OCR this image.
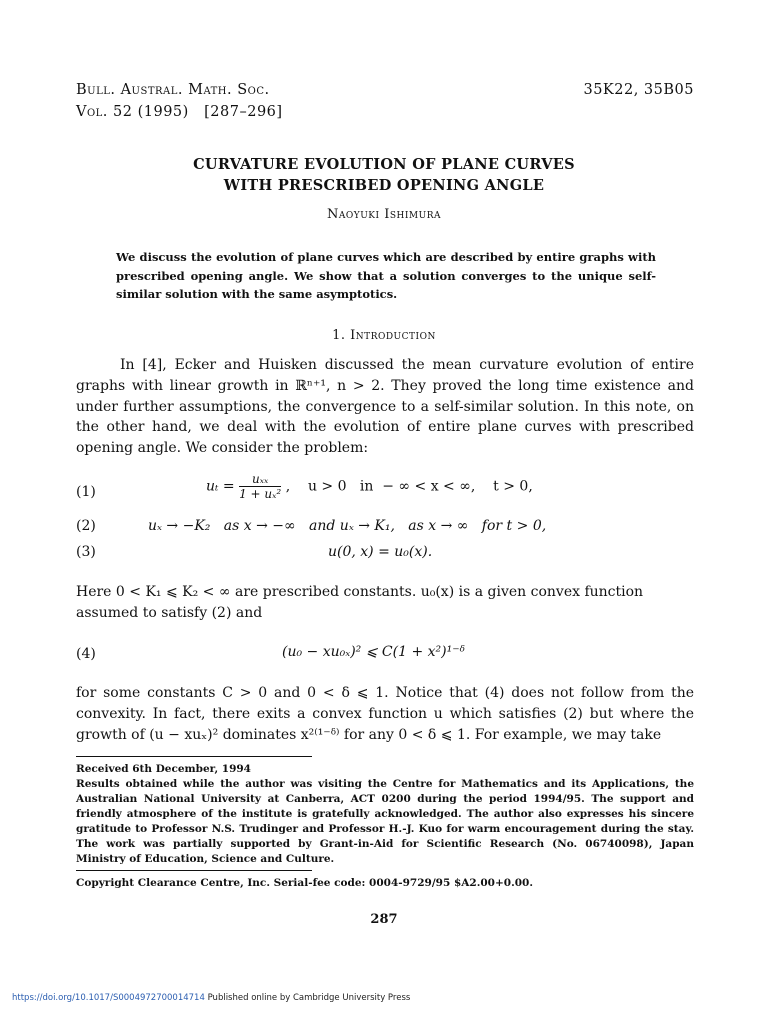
Bull. Austral. Math. Soc.
Vol. 52 (1995)   [287–296]
35K22, 35B05
CURVATURE EVOLUTION OF PLANE CURVES
WITH PRESCRIBED OPENING ANGLE
Naoyuki Ishimura
We discuss the evolution of plane curves which are described by entire graphs with prescribed opening angle. We show that a solution converges to the unique self-similar solution with the same asymptotics.
1. Introduction
In [4], Ecker and Huisken discussed the mean curvature evolution of entire graphs with linear growth in ℝⁿ⁺¹, n > 2. They proved the long time existence and under further assumptions, the convergence to a self-similar solution. In this note, on the other hand, we deal with the evolution of entire plane curves with prescribed opening angle. We consider the problem:
(1)	$u_t = \frac{\text{uₓₓ}}{\text{1 + uₓ²}}$ ,    u > 0   in  − ∞ < x < ∞,    t > 0,
(2)	uₓ → −K₂   as x → −∞   and uₓ → K₁,   as x → ∞   for t > 0,
(3)	u(0, x) = u₀(x).

Here 0 < K₁ ⩽ K₂ < ∞ are prescribed constants. u₀(x) is a given convex function

assumed to satisfy (2) and

(4)	(u₀ − xu₀ₓ)² ⩽ C(1 + x²)¹⁻ᵟ
for some constants C > 0 and 0 < δ ⩽ 1. Notice that (4) does not follow from the convexity. In fact, there exits a convex function u which satisfies (2) but where the growth of (u − xuₓ)² dominates x²⁽¹⁻ᵟ⁾ for any 0 < δ ⩽ 1. For example, we may take

Received 6th December, 1994

Results obtained while the author was visiting the Centre for Mathematics and its Applications, the Australian National University at Canberra, ACT 0200 during the period 1994/95. The support and friendly atmosphere of the institute is gratefully acknowledged. The author also expresses his sincere gratitude to Professor N.S. Trudinger and Professor H.-J. Kuo for warm encouragement during the stay. The work was partially supported by Grant-in-Aid for Scientific Research (No. 06740098), Japan Ministry of Education, Science and Culture.

Copyright Clearance Centre, Inc. Serial-fee code: 0004-9729/95 $A2.00+0.00.
287
https://doi.org/10.1017/S0004972700014714 Published online by Cambridge University Press
